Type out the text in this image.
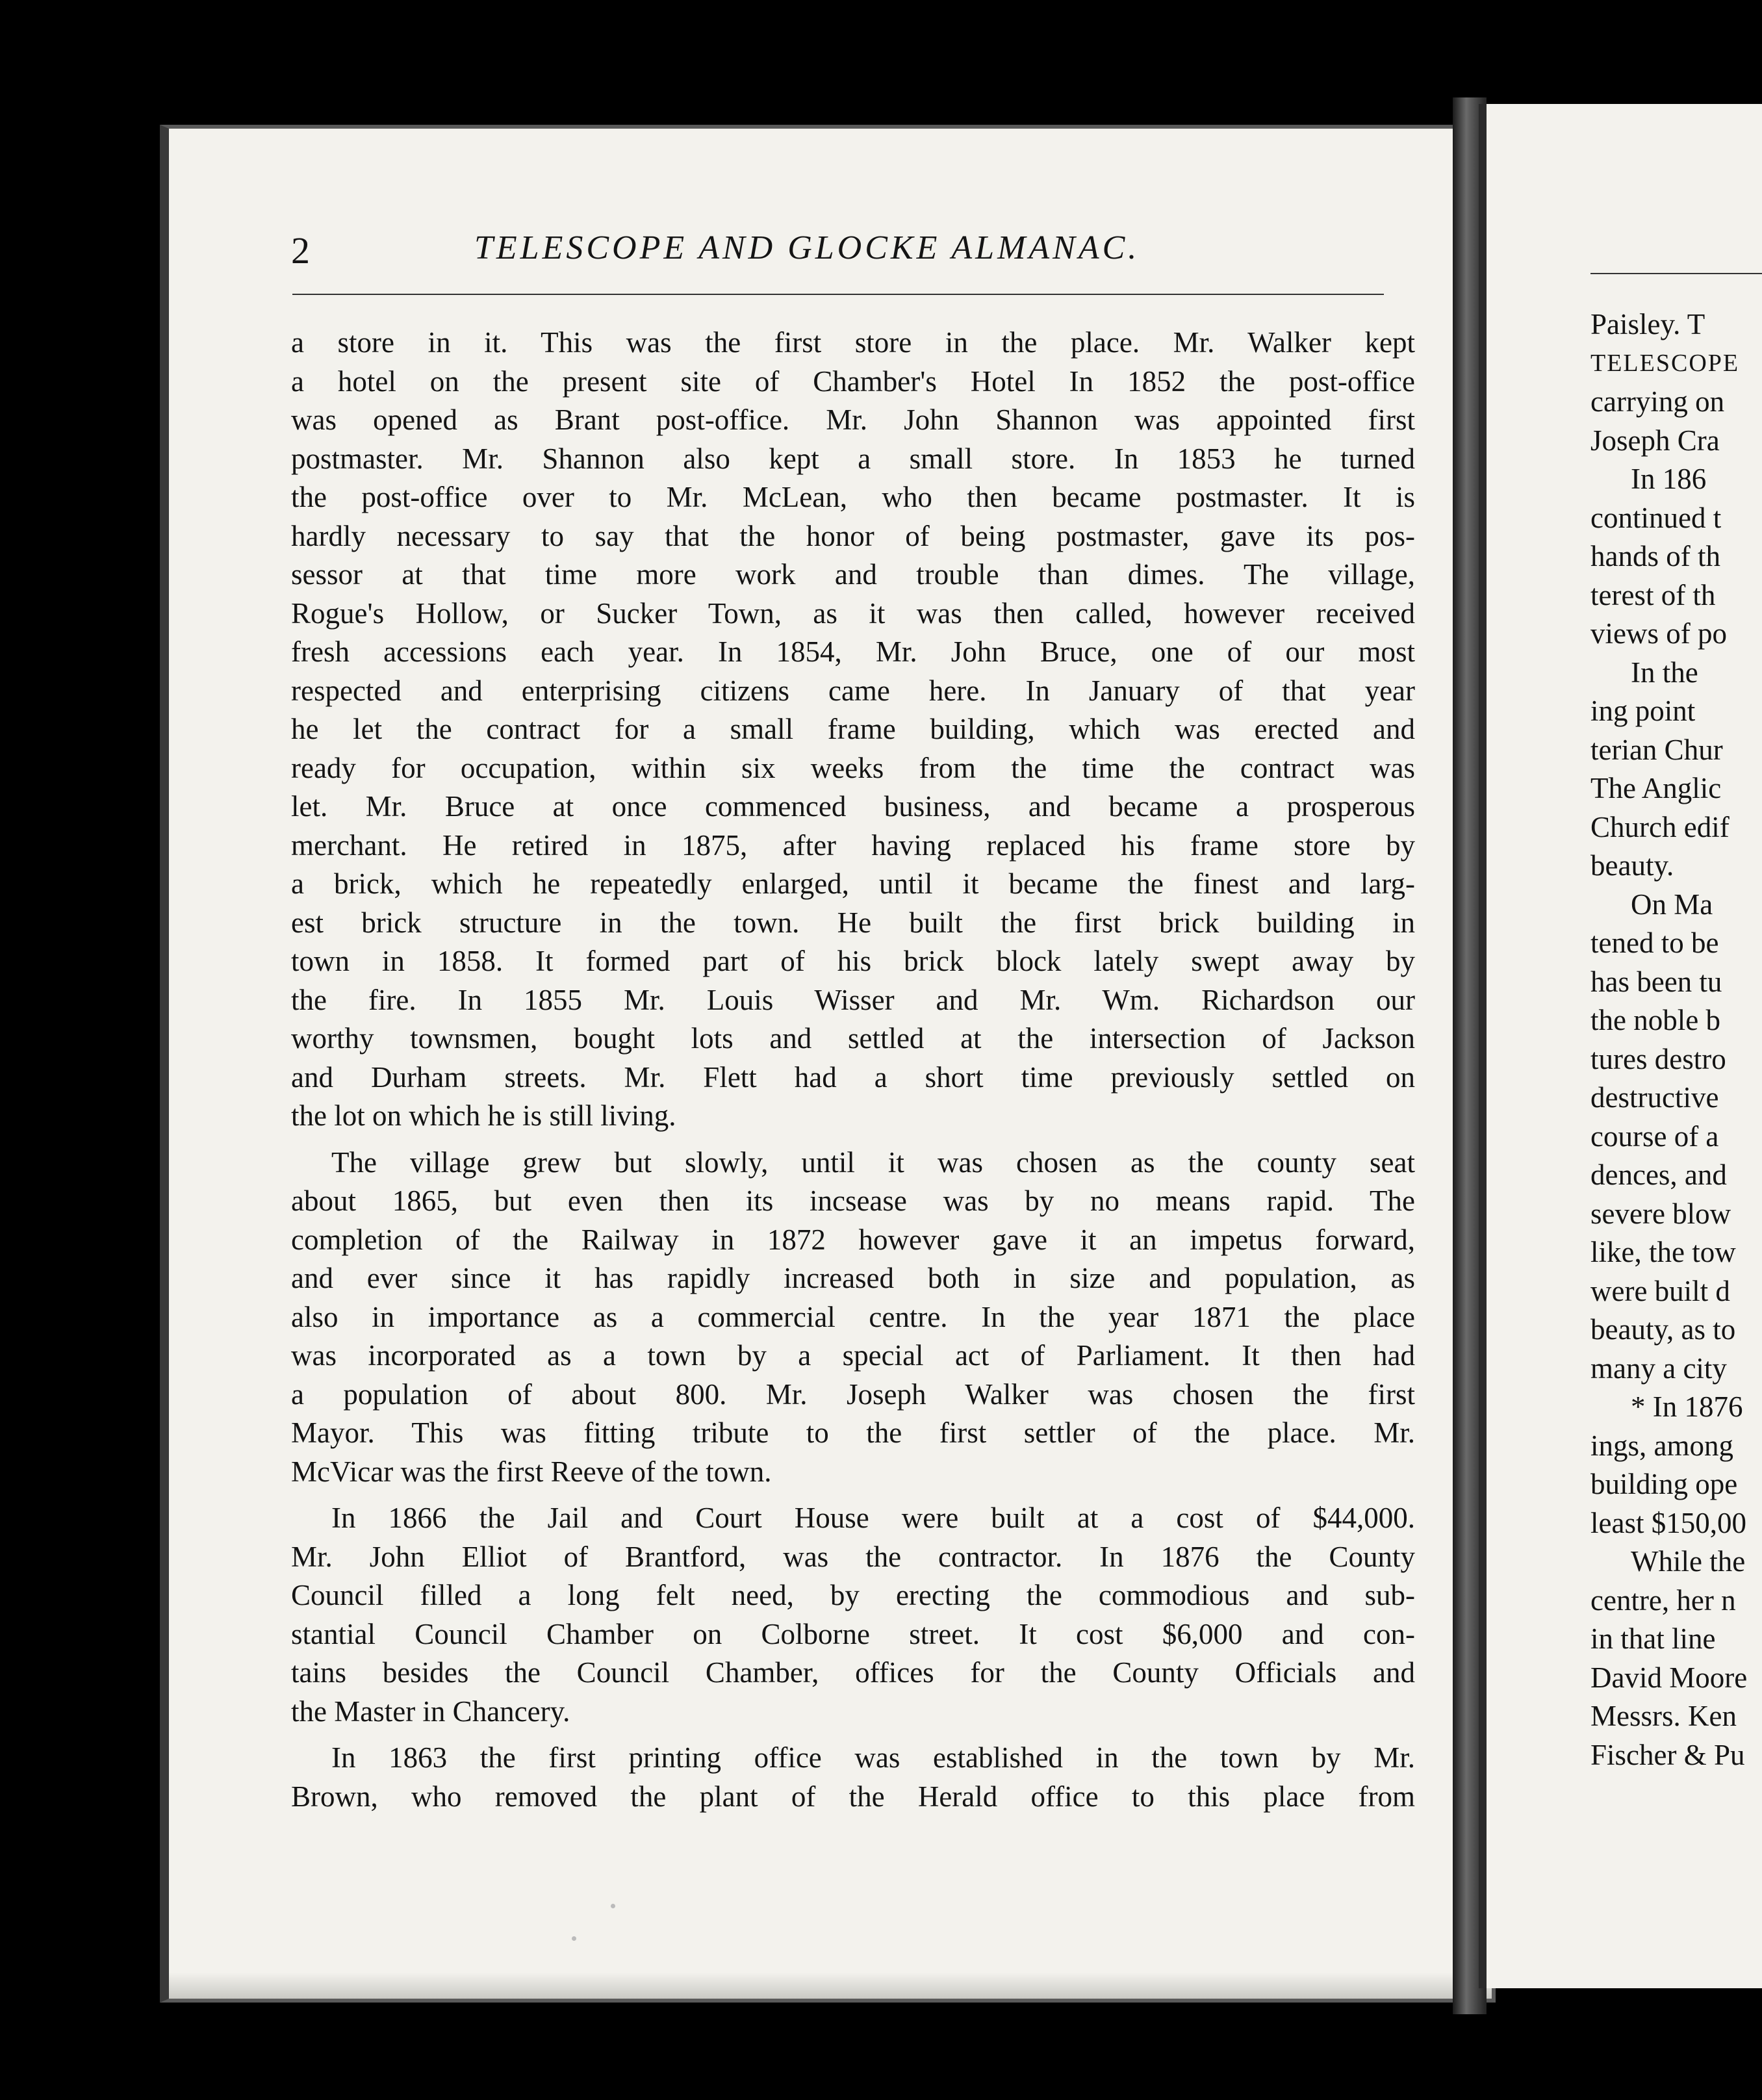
2	TELESCOPE AND GLOCKE ALMANAC.
a store in it. This was the first store in the place. Mr. Walker kept
a hotel on the present site of Chamber's Hotel In 1852 the post-office
was opened as Brant post-office. Mr. John Shannon was appointed first
postmaster. Mr. Shannon also kept a small store. In 1853 he turned
the post-office over to Mr. McLean, who then became postmaster. It is
hardly necessary to say that the honor of being postmaster, gave its pos-
sessor at that time more work and trouble than dimes. The village,
Rogue's Hollow, or Sucker Town, as it was then called, however received
fresh accessions each year. In 1854, Mr. John Bruce, one of our most
respected and enterprising citizens came here. In January of that year
he let the contract for a small frame building, which was erected and
ready for occupation, within six weeks from the time the contract was
let. Mr. Bruce at once commenced business, and became a prosperous
merchant. He retired in 1875, after having replaced his frame store by
a brick, which he repeatedly enlarged, until it became the finest and larg-
est brick structure in the town. He built the first brick building in
town in 1858. It formed part of his brick block lately swept away by
the fire. In 1855 Mr. Louis Wisser and Mr. Wm. Richardson our
worthy townsmen, bought lots and settled at the intersection of Jackson
and Durham streets. Mr. Flett had a short time previously settled on
the lot on which he is still living.
The village grew but slowly, until it was chosen as the county seat
about 1865, but even then its incsease was by no means rapid. The
completion of the Railway in 1872 however gave it an impetus forward,
and ever since it has rapidly increased both in size and population, as
also in importance as a commercial centre. In the year 1871 the place
was incorporated as a town by a special act of Parliament. It then had
a population of about 800. Mr. Joseph Walker was chosen the first
Mayor. This was fitting tribute to the first settler of the place. Mr.
McVicar was the first Reeve of the town.
In 1866 the Jail and Court House were built at a cost of $44,000.
Mr. John Elliot of Brantford, was the contractor. In 1876 the County
Council filled a long felt need, by erecting the commodious and sub-
stantial Council Chamber on Colborne street. It cost $6,000 and con-
tains besides the Council Chamber, offices for the County Officials and
the Master in Chancery.
In 1863 the first printing office was established in the town by Mr.
Brown, who removed the plant of the Herald office to this place from
Paisley. T
TELESCOPE
carrying on
Joseph Cra
In 186
continued t
hands of th
terest of th
views of po
In the
ing point
terian Chur
The Anglic
Church edif
beauty.
On Ma
tened to be
has been tu
the noble b
tures destro
destructive
course of a
dences, and
severe blow
like, the tow
were built d
beauty, as to
many a city
* In 1876
ings, among
building ope
least $150,00
While the
centre, her n
in that line
David Moore
Messrs. Ken
Fischer & Pu
